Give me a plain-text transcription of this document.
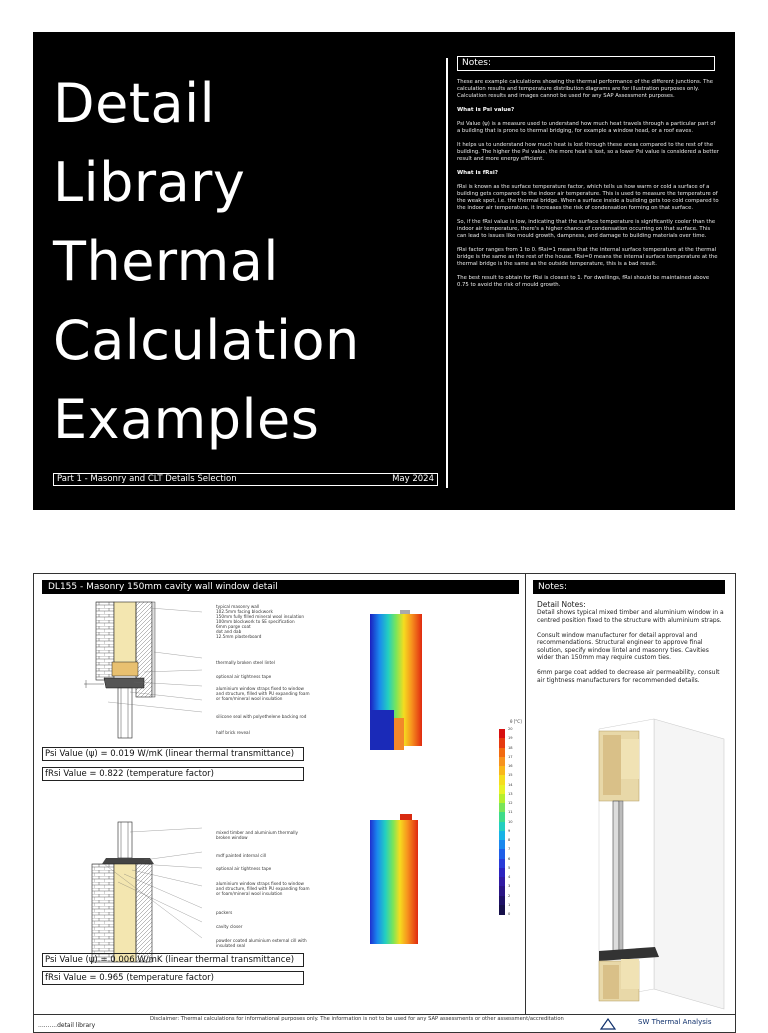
Detail
Library
Thermal
Calculation
Examples
Part 1 - Masonry and CLT Details Selection	May 2024
Notes:

These are example calculations showing the thermal performance of the different junctions. The calculation results and temperature distribution diagrams are for illustration purposes only. Calculation results and images cannot be used for any SAP Assessment purposes.

What is Psi value?

Psi Value (ψ) is a measure used to understand how much heat travels through a particular part of a building that is prone to thermal bridging, for example a window head, or a roof eaves.

It helps us to understand how much heat is lost through these areas compared to the rest of the building. The higher the Psi value, the more heat is lost, so a lower Psi value is considered a better result and more energy efficient.

What is fRsi?

fRsi is known as the surface temperature factor, which tells us how warm or cold a surface of a building gets compared to the indoor air temperature. This is used to measure the temperature of the weak spot, i.e. the thermal bridge. When a surface inside a building gets too cold compared to the indoor air temperature, it increases the risk of condensation forming on that surface.

So, if the fRsi value is low, indicating that the surface temperature is significantly cooler than the indoor air temperature, there's a higher chance of condensation occurring on that surface. This can lead to issues like mould growth, dampness, and damage to building materials over time.

fRsi factor ranges from 1 to 0. fRsi=1 means that the internal surface temperature at the thermal bridge is the same as the rest of the house. fRsi=0 means the internal surface temperature at the thermal bridge is the same as the outside temperature, this is a bad result.

The best result to obtain for fRsi is closest to 1. For dwellings, fRsi should be maintained above 0.75 to avoid the risk of mould growth.

DL155 - Masonry 150mm cavity wall window detail	Notes:
Detail Notes:

Detail shows typical mixed timber and aluminium window in a centred position fixed to the structure with aluminium straps.

Consult window manufacturer for detail approval and recommendations. Structural engineer to approve final solution, specify window lintel and masonry ties. Cavities wider than 150mm may require custom ties.

6mm parge coat added to decrease air permeability, consult air tightness manufacturers for recommended details.

typical masonry wall
102.5mm facing blockwork
150mm fully filled mineral wool insulation
100mm blockwork to SE specification
6mm parge coat
dot and dab
12.5mm plasterboard
thermally broken steel lintel
optional air tightness tape
aluminium window straps fixed to window and structure, filled with PU expanding foam or foam/mineral wool insulation
silicone seal with polyethelene backing rod
half brick reveal
θ [°C]
20
19
18
17
16
15
14
13
12
11
10
9
8
7
6
5
4
3
2
1
0
Psi Value (ψ) = 0.019 W/mK (linear thermal transmittance)
fRsi Value = 0.822 (temperature factor)
mixed timber and aluminium thermally broken window
mdf painted internal cill
optional air tightness tape
aluminium window straps fixed to window and structure, filled with PU expanding foam or foam/mineral wool insulation
packers
cavity closer
powder coated aluminium external cill with insulated seal
Psi Value (ψ) = 0.006 W/mK (linear thermal transmittance)
fRsi Value = 0.965 (temperature factor)
..........detail library
Disclaimer: Thermal calculations for informational purposes only. The information is not to be used for any SAP assessments or other assessment/accreditation	SW Thermal Analysis
